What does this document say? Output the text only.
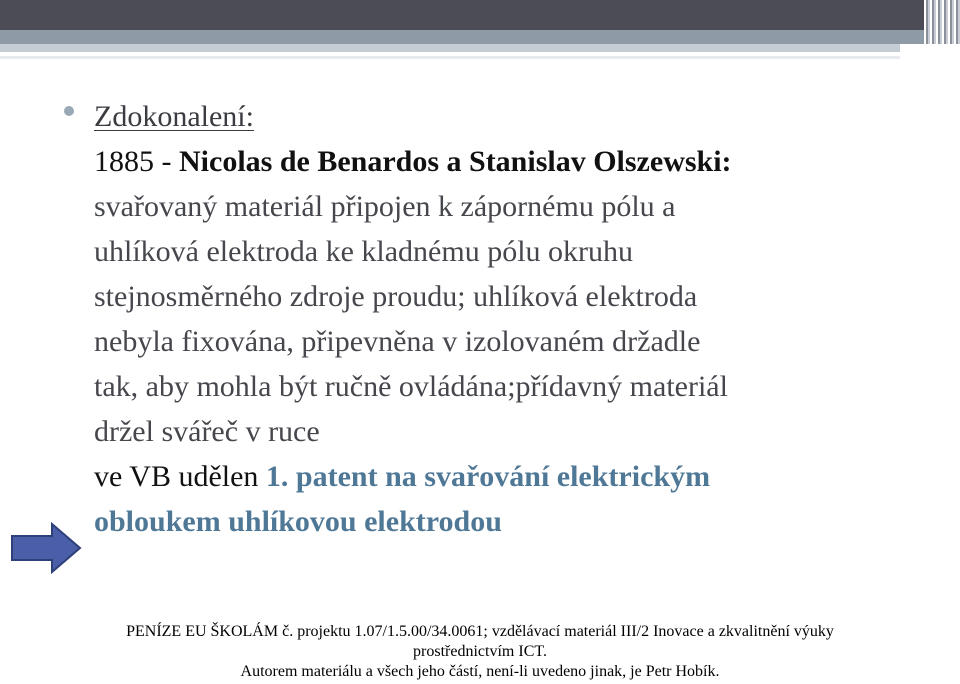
Zdokonalení:
1885 - Nicolas de Benardos a Stanislav Olszewski:
svařovaný materiál připojen k zápornému pólu a
uhlíková elektroda ke kladnému pólu okruhu
stejnosměrného zdroje proudu; uhlíková elektroda
nebyla fixována, připevněna v izolovaném držadle
tak, aby mohla být ručně ovládána;přídavný materiál
držel svářeč v ruce
ve VB udělen 1. patent na svařování elektrickým
obloukem uhlíkovou elektrodou
PENÍZE EU ŠKOLÁM č. projektu 1.07/1.5.00/34.0061; vzdělávací materiál III/2 Inovace a zkvalitnění výuky
prostřednictvím ICT.
Autorem materiálu a všech jeho částí, není-li uvedeno jinak, je Petr Hobík.
